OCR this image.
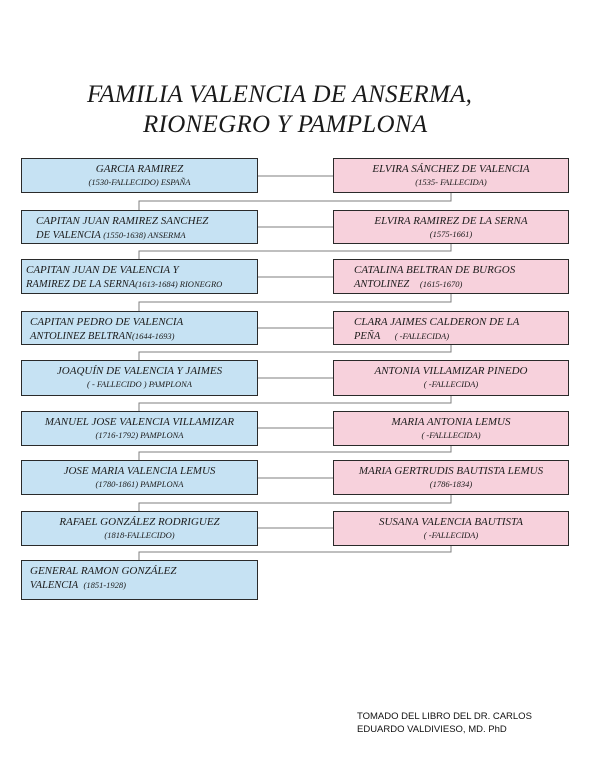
FAMILIA VALENCIA DE ANSERMA,
RIONEGRO Y PAMPLONA
GARCIA RAMIREZ
(1530-FALLECIDO) ESPAÑA
ELVIRA SÁNCHEZ DE VALENCIA
(1535- FALLECIDA)
CAPITAN JUAN RAMIREZ SANCHEZ
DE VALENCIA (1550-1638) ANSERMA
ELVIRA RAMIREZ DE LA SERNA
(1575-1661)
CAPITAN JUAN DE VALENCIA Y
RAMIREZ DE LA SERNA(1613-1684) RIONEGRO
CATALINA BELTRAN DE BURGOS
ANTOLINEZ (1615-1670)
CAPITAN PEDRO DE VALENCIA
ANTOLINEZ BELTRAN(1644-1693)
CLARA JAIMES CALDERON DE LA
PEÑA ( -FALLECIDA)
JOAQUÍN DE VALENCIA Y JAIMES
( - FALLECIDO ) PAMPLONA
ANTONIA VILLAMIZAR PINEDO
( -FALLECIDA)
MANUEL JOSE VALENCIA VILLAMIZAR
(1716-1792) PAMPLONA
MARIA ANTONIA LEMUS
( -FALLLECIDA)
JOSE MARIA VALENCIA LEMUS
(1780-1861) PAMPLONA
MARIA GERTRUDIS BAUTISTA LEMUS
(1786-1834)
RAFAEL GONZÁLEZ RODRIGUEZ
(1818-FALLECIDO)
SUSANA VALENCIA BAUTISTA
( -FALLECIDA)
GENERAL RAMON GONZÁLEZ
VALENCIA (1851-1928)
TOMADO DEL LIBRO DEL DR. CARLOS
EDUARDO VALDIVIESO, MD. PhD
